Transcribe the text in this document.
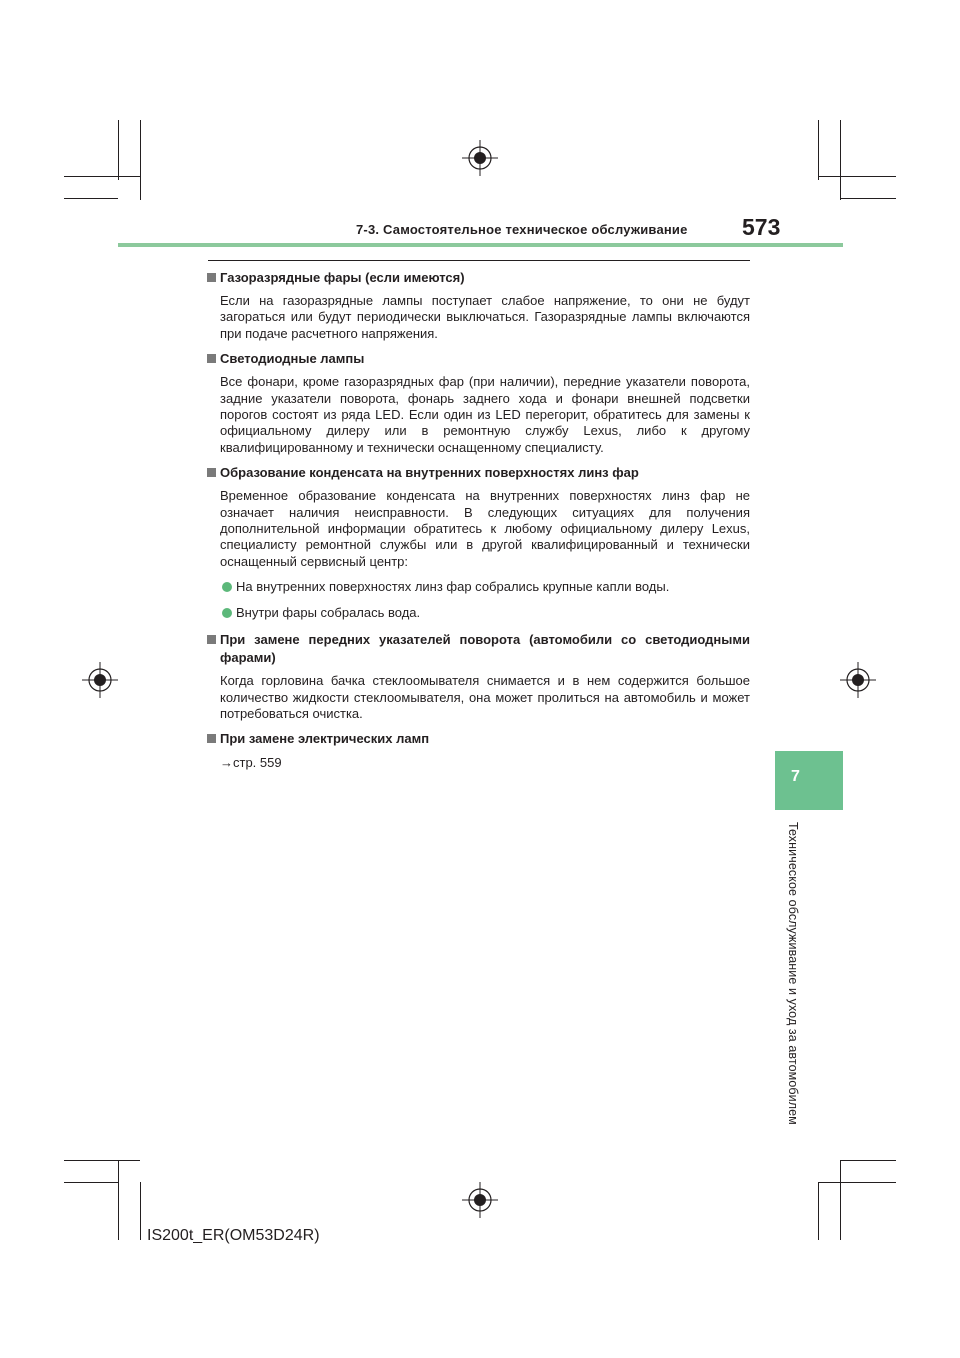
7-3. Самостоятельное техническое обслуживание 573
Газоразрядные фары (если имеются)
Если на газоразрядные лампы поступает слабое напряжение, то они не будут загораться или будут периодически выключаться. Газоразрядные лампы включаются при подаче расчетного напряжения.
Светодиодные лампы
Все фонари, кроме газоразрядных фар (при наличии), передние указатели поворота, задние указатели поворота, фонарь заднего хода и фонари внешней подсветки порогов состоят из ряда LED. Если один из LED перегорит, обратитесь для замены к официальному дилеру или в ремонтную службу Lexus, либо к другому квалифицированному и технически оснащенному специалисту.
Образование конденсата на внутренних поверхностях линз фар
Временное образование конденсата на внутренних поверхностях линз фар не означает наличия неисправности. В следующих ситуациях для получения дополнительной информации обратитесь к любому официальному дилеру Lexus, специалисту ремонтной службы или в другой квалифицированный и технически оснащенный сервисный центр:
На внутренних поверхностях линз фар собрались крупные капли воды.
Внутри фары собралась вода.
При замене передних указателей поворота (автомобили со светодиодными фарами)
Когда горловина бачка стеклоомывателя снимается и в нем содержится большое количество жидкости стеклоомывателя, она может пролиться на автомобиль и может потребоваться очистка.
При замене электрических ламп
→стр. 559
7
Техническое обслуживание и уход за автомобилем
IS200t_ER(OM53D24R)
